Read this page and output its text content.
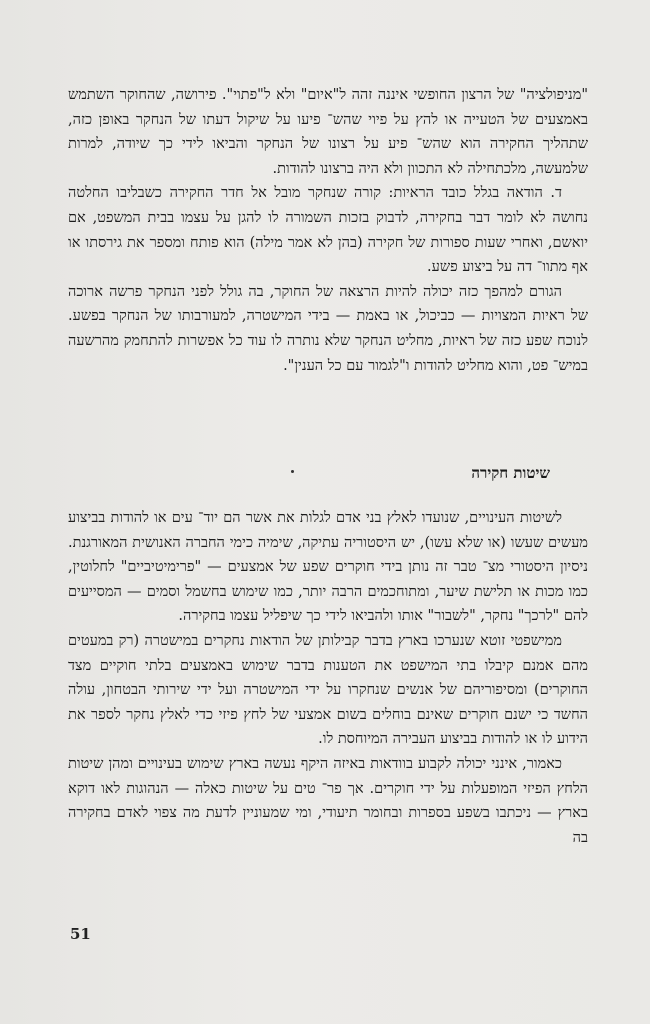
"מניפולציה" של הרצון החופשי איננה זהה ל"איום" ולא ל"פתוי". פירושה, שהחוקר השתמש באמצעים של הטעייה או להץ על פיוי שהש־ פיעו על שיקול דעתו של הנחקר באופן כזה, שתהליך החקירה הוא שהש־ פיע על רצונו של הנחקר והביאו לידי כך שיודה, למרות שלמעשה, מלכתחילה לא התכוון ולא היה ברצונו להודות.

ד. הודאה בגלל כובד הראיות: קורה שנחקר מובל אל חדר החקירה כשבליבו החלטה נחושה לא לומר דבר בחקירה, לדבוק בזכות השמורה לו להגן על עצמו בבית המשפט, אם יואשם, ואחרי שעות ספורות של חקירה (בהן לא אמר מילה) הוא פותח ומספר את גירסתו או אף מתוו־ דה על ביצוע פשע.

הגורם למהפך כזה יכולה להיות הרצאה של החוקר, בה גולל לפני הנחקר פרשה ארוכה של ראיות המצויות — כביכול, או באמת — בידי המישטרה, למעורבותו של הנחקר בפשע. לנוכח שפע כזה של ראיות, מחליט הנחקר שלא נותרה לו עוד כל אפשרות להתחמק מהרשעה במיש־ פט, והוא מחליט להודות ו"לגמור עם כל הענין".

שיטות חקירה

לשיטות העינויים, שנועדו לאלץ בני אדם לגלות את אשר הם יוד־ עים או להודות בביצוע מעשים שעשו (או שלא עשו), יש היסטוריה עתיקה, שימיה כימי החברה האנושית המאורגנת. ניסיון היסטורי מצ־ טבר זה נותן בידי חוקרים שפע של אמצעים — "פרימיטיביים" לחלוטין, כמו מכות או תלישת שיער, ומתוחכמים הרבה יותר, כמו שימוש בחשמל וסמים — המסייעים להם "לרכך" נחקר, "לשבור" אותו ולהביאו לידי כך שיפליל עצמו בחקירה.

ממישפטי זוטא שנערכו בארץ בדבר קבילותן של הודאות נחקרים במישטרה (רק במעטים מהם אמנם קיבלו בתי המישפט את הטענות בדבר שימוש באמצעים בלתי חוקיים מצד החוקרים) ומסיפוריהם של אנשים שנחקרו על ידי המישטרה ועל ידי שירותי הבטחון, עולה החשד כי ישנם חוקרים שאינם בוחלים בשום אמצעי של לחץ פיזי כדי לאלץ נחקר לספר את הידוע לו או להודות בביצוע העבירה המיוחסת לו.

כאמור, אינני יכולה לקבוע בוודאות באיזה היקף נעשה בארץ שימוש בעינויים ומהן שיטות הלחץ הפיזי המופעלות על ידי חוקרים. אך פר־ טים על שיטות כאלה — הנהוגות לאו דוקא בארץ — ניכתבו בשפע בספרות ובחומר תיעודי, ומי שמעוניין לדעת מה צפוי לאדם בחקירה בה

51
